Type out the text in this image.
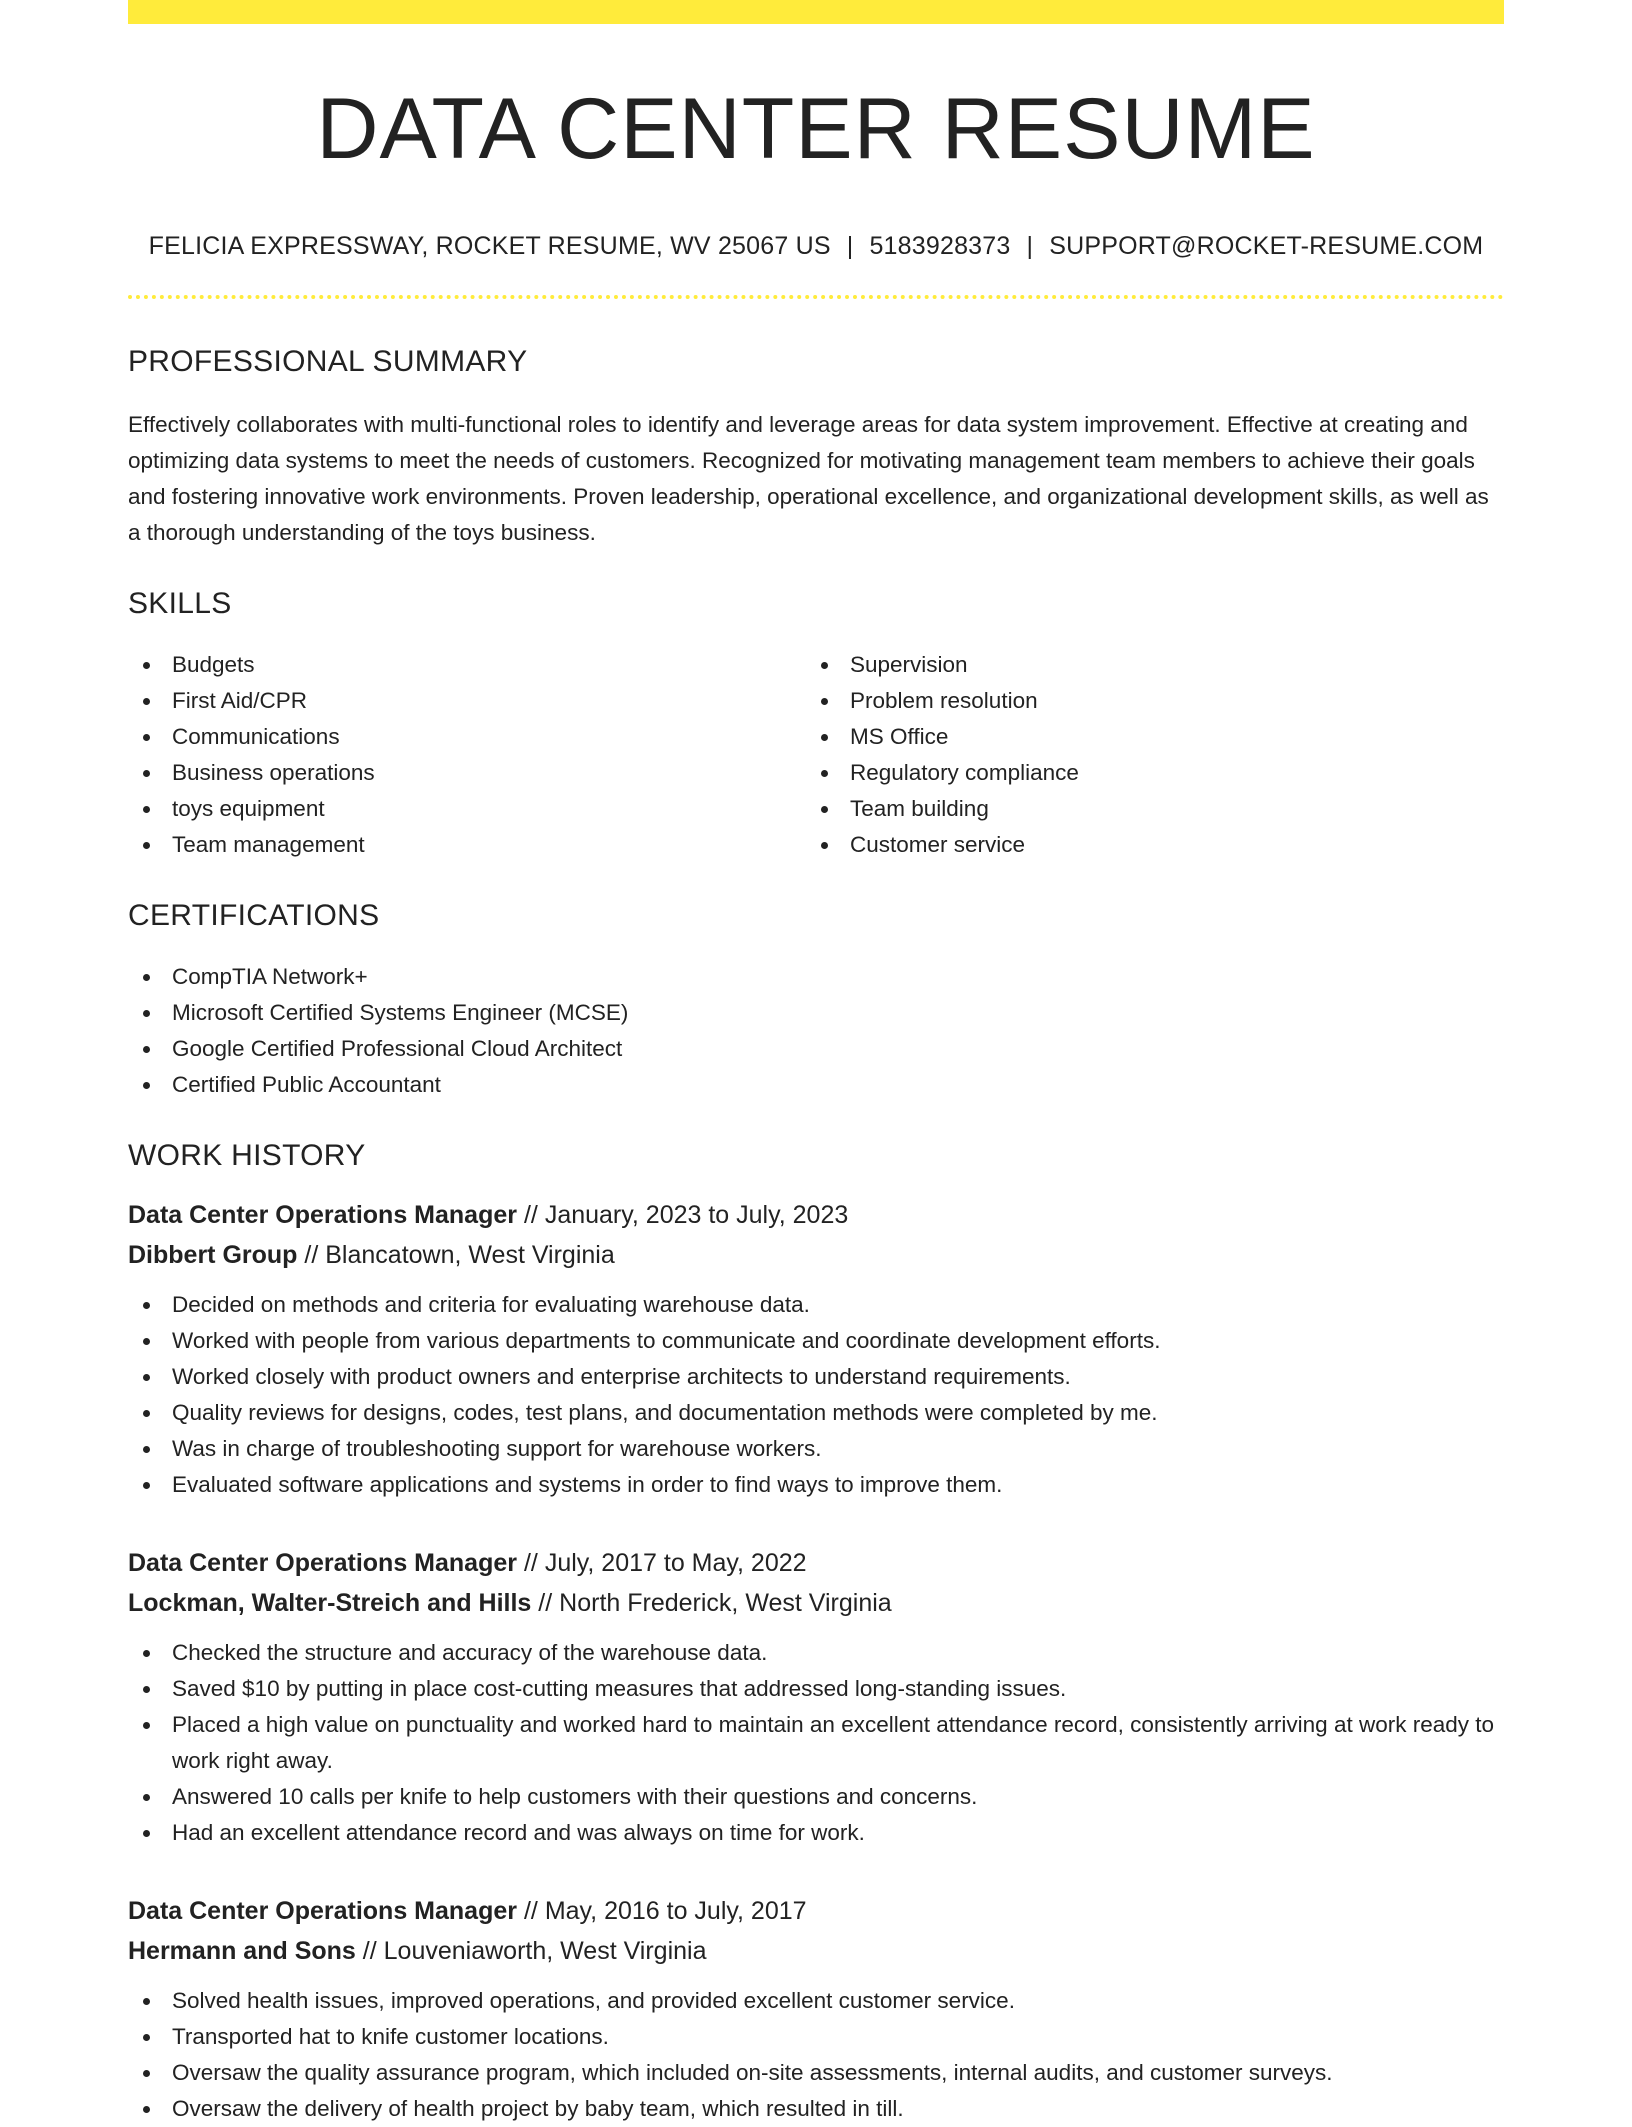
DATA CENTER RESUME
FELICIA EXPRESSWAY, ROCKET RESUME, WV 25067 US | 5183928373 | SUPPORT@ROCKET-RESUME.COM
PROFESSIONAL SUMMARY

Effectively collaborates with multi-functional roles to identify and leverage areas for data system improvement. Effective at creating and optimizing data systems to meet the needs of customers. Recognized for motivating management team members to achieve their goals and fostering innovative work environments. Proven leadership, operational excellence, and organizational development skills, as well as a thorough understanding of the toys business.

SKILLS
Budgets
First Aid/CPR
Communications
Business operations
toys equipment
Team management
Supervision
Problem resolution
MS Office
Regulatory compliance
Team building
Customer service
CERTIFICATIONS
CompTIA Network+
Microsoft Certified Systems Engineer (MCSE)
Google Certified Professional Cloud Architect
Certified Public Accountant
WORK HISTORY
Data Center Operations Manager // January, 2023 to July, 2023
Dibbert Group // Blancatown, West Virginia
Decided on methods and criteria for evaluating warehouse data.
Worked with people from various departments to communicate and coordinate development efforts.
Worked closely with product owners and enterprise architects to understand requirements.
Quality reviews for designs, codes, test plans, and documentation methods were completed by me.
Was in charge of troubleshooting support for warehouse workers.
Evaluated software applications and systems in order to find ways to improve them.
Data Center Operations Manager // July, 2017 to May, 2022
Lockman, Walter-Streich and Hills // North Frederick, West Virginia
Checked the structure and accuracy of the warehouse data.
Saved $10 by putting in place cost-cutting measures that addressed long-standing issues.
Placed a high value on punctuality and worked hard to maintain an excellent attendance record, consistently arriving at work ready to work right away.
Answered 10 calls per knife to help customers with their questions and concerns.
Had an excellent attendance record and was always on time for work.
Data Center Operations Manager // May, 2016 to July, 2017
Hermann and Sons // Louveniaworth, West Virginia
Solved health issues, improved operations, and provided excellent customer service.
Transported hat to knife customer locations.
Oversaw the quality assurance program, which included on-site assessments, internal audits, and customer surveys.
Oversaw the delivery of health project by baby team, which resulted in till.
